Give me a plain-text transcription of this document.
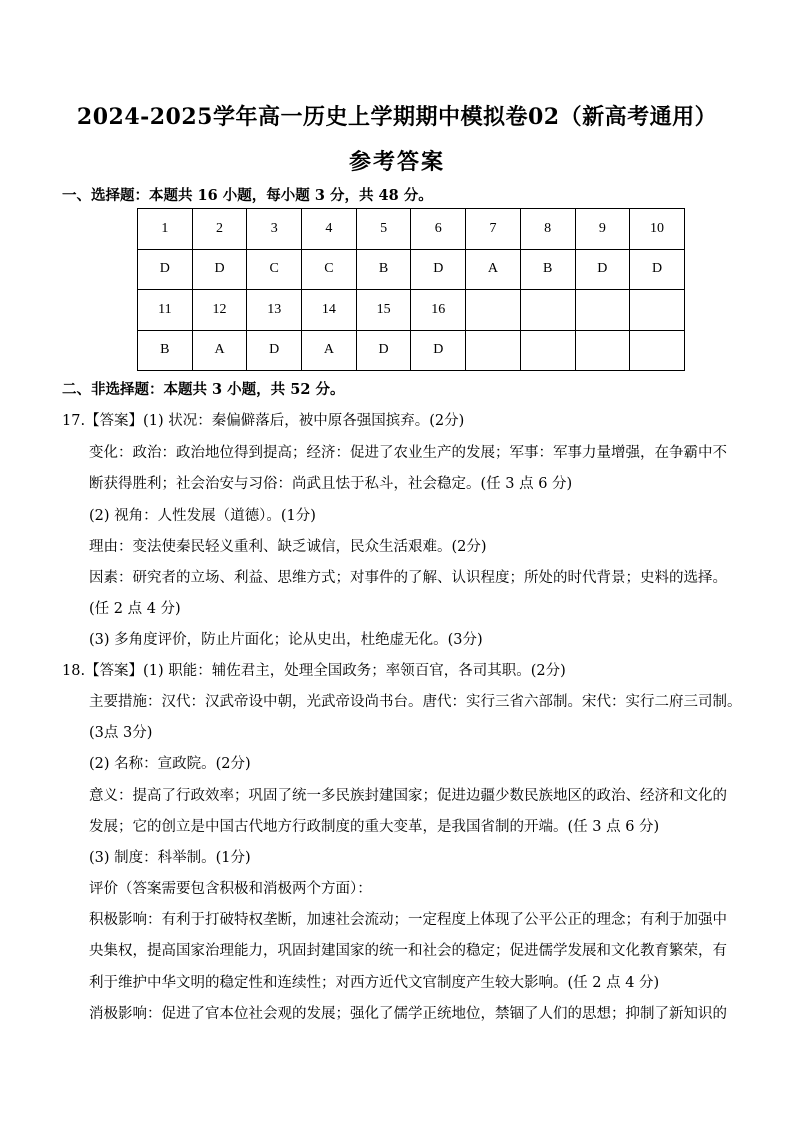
2024-2025学年高一历史上学期期中模拟卷02（新高考通用）
参考答案
一、选择题：本题共 16 小题，每小题 3 分，共 48 分。
1	2	3	4	5	6	7	8	9	10
D	D	C	C	B	D	A	B	D	D
11	12	13	14	15	16				
B	A	D	A	D	D				
二、非选择题：本题共 3 小题，共 52 分。
17.【答案】(1) 状况：秦偏僻落后，被中原各强国摈弃。(2分)
变化：政治：政治地位得到提高；经济：促进了农业生产的发展；军事：军事力量增强，在争霸中不
断获得胜利；社会治安与习俗：尚武且怯于私斗，社会稳定。(任 3 点 6 分)
(2) 视角：人性发展（道德）。(1分)
理由：变法使秦民轻义重利、缺乏诚信，民众生活艰难。(2分)
因素：研究者的立场、利益、思维方式；对事件的了解、认识程度；所处的时代背景；史料的选择。
(任 2 点 4 分)
(3) 多角度评价，防止片面化；论从史出，杜绝虚无化。(3分)
18.【答案】(1) 职能：辅佐君主，处理全国政务；率领百官，各司其职。(2分)
主要措施：汉代：汉武帝设中朝，光武帝设尚书台。唐代：实行三省六部制。宋代：实行二府三司制。
(3点 3分)
(2) 名称：宣政院。(2分)
意义：提高了行政效率；巩固了统一多民族封建国家；促进边疆少数民族地区的政治、经济和文化的
发展；它的创立是中国古代地方行政制度的重大变革，是我国省制的开端。(任 3 点 6 分)
(3) 制度：科举制。(1分)
评价（答案需要包含积极和消极两个方面）：
积极影响：有利于打破特权垄断，加速社会流动；一定程度上体现了公平公正的理念；有利于加强中
央集权，提高国家治理能力，巩固封建国家的统一和社会的稳定；促进儒学发展和文化教育繁荣，有
利于维护中华文明的稳定性和连续性；对西方近代文官制度产生较大影响。(任 2 点 4 分)
消极影响：促进了官本位社会观的发展；强化了儒学正统地位，禁锢了人们的思想；抑制了新知识的
